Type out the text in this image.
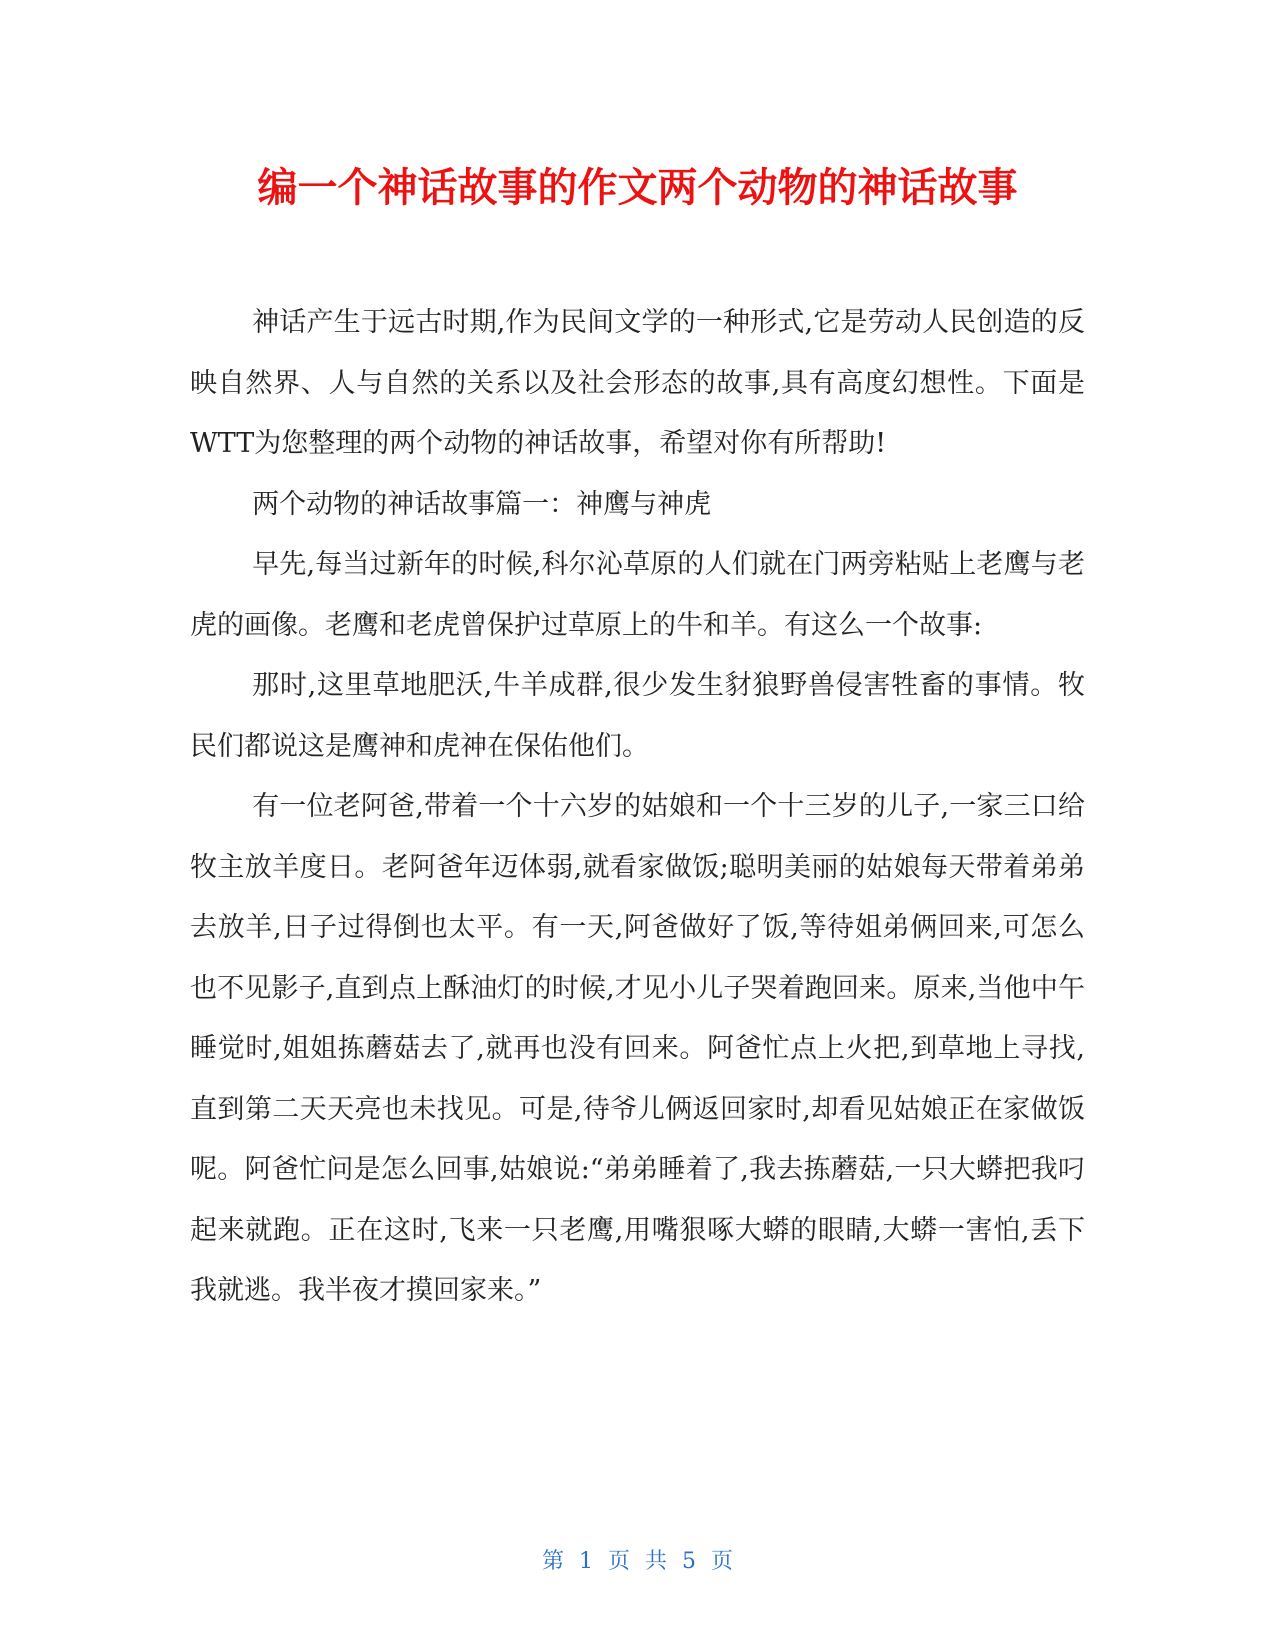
编一个神话故事的作文两个动物的神话故事

神话产生于远古时期,作为民间文学的一种形式,它是劳动人民创造的反映自然界、人与自然的关系以及社会形态的故事,具有高度幻想性。下面是WTT为您整理的两个动物的神话故事，希望对你有所帮助!

两个动物的神话故事篇一：神鹰与神虎

早先,每当过新年的时候,科尔沁草原的人们就在门两旁粘贴上老鹰与老虎的画像。老鹰和老虎曾保护过草原上的牛和羊。有这么一个故事:

那时,这里草地肥沃,牛羊成群,很少发生豺狼野兽侵害牲畜的事情。牧民们都说这是鹰神和虎神在保佑他们。

有一位老阿爸,带着一个十六岁的姑娘和一个十三岁的儿子,一家三口给牧主放羊度日。老阿爸年迈体弱,就看家做饭;聪明美丽的姑娘每天带着弟弟去放羊,日子过得倒也太平。有一天,阿爸做好了饭,等待姐弟俩回来,可怎么也不见影子,直到点上酥油灯的时候,才见小儿子哭着跑回来。原来,当他中午睡觉时,姐姐拣蘑菇去了,就再也没有回来。阿爸忙点上火把,到草地上寻找,直到第二天天亮也未找见。可是,待爷儿俩返回家时,却看见姑娘正在家做饭呢。阿爸忙问是怎么回事,姑娘说:“弟弟睡着了,我去拣蘑菇,一只大蟒把我叼起来就跑。正在这时,飞来一只老鹰,用嘴狠啄大蟒的眼睛,大蟒一害怕,丢下我就逃。我半夜才摸回家来。”

第 1 页 共 5 页
